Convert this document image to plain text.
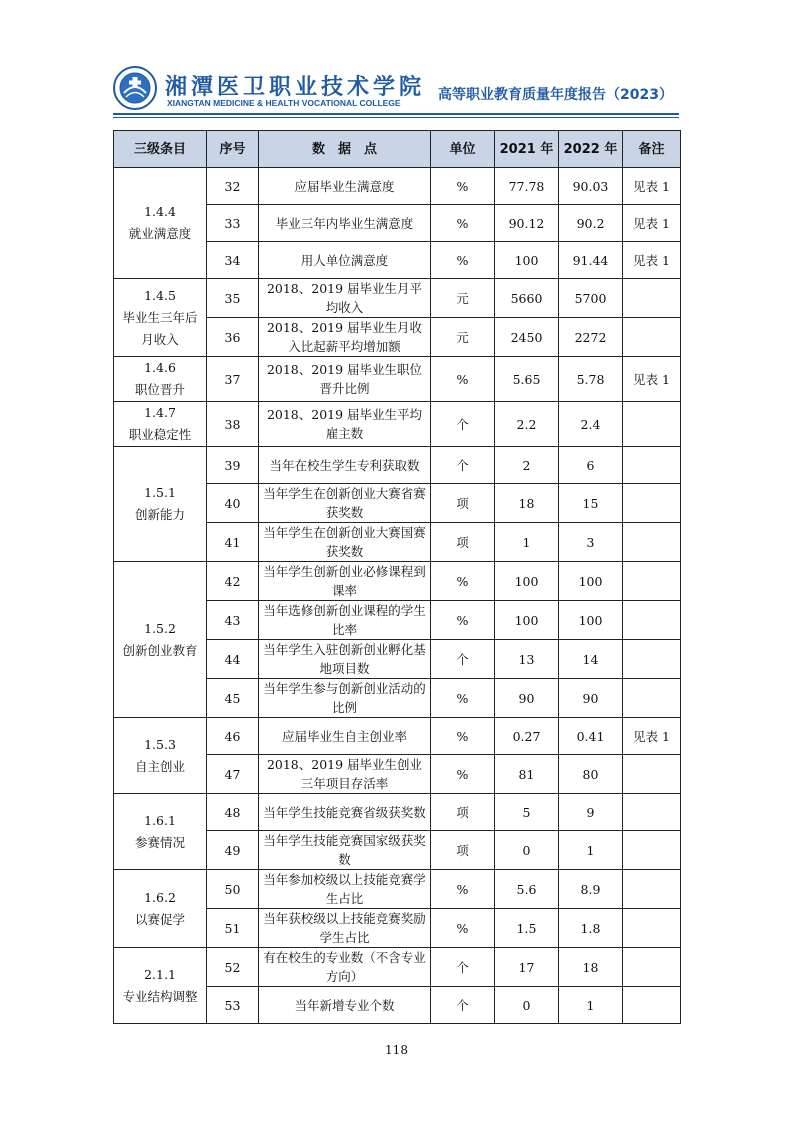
湘潭医卫职业技术学院
XIANGTAN MEDICINE & HEALTH VOCATIONAL COLLEGE	高等职业教育质量年度报告（2023）
三级条目	序号	数　据　点	单位	2021 年	2022 年	备注

1.4.4
就业满意度	32	应届毕业生满意度	%	77.78	90.03	见表 1
	33	毕业三年内毕业生满意度	%	90.12	90.2	见表 1
	34	用人单位满意度	%	100	91.44	见表 1

1.4.5
毕业生三年后月收入	35	2018、2019 届毕业生月平均收入	元	5660	5700	
	36	2018、2019 届毕业生月收入比起薪平均增加额	元	2450	2272	

1.4.6
职位晋升	37	2018、2019 届毕业生职位晋升比例	%	5.65	5.78	见表 1

1.4.7
职业稳定性	38	2018、2019 届毕业生平均雇主数	个	2.2	2.4	

1.5.1
创新能力	39	当年在校生学生专利获取数	个	2	6	
	40	当年学生在创新创业大赛省赛获奖数	项	18	15	
	41	当年学生在创新创业大赛国赛获奖数	项	1	3	

1.5.2
创新创业教育	42	当年学生创新创业必修课程到课率	%	100	100	
	43	当年选修创新创业课程的学生比率	%	100	100	
	44	当年学生入驻创新创业孵化基地项目数	个	13	14	
	45	当年学生参与创新创业活动的比例	%	90	90	

1.5.3
自主创业	46	应届毕业生自主创业率	%	0.27	0.41	见表 1
	47	2018、2019 届毕业生创业三年项目存活率	%	81	80	

1.6.1
参赛情况	48	当年学生技能竞赛省级获奖数	项	5	9	
	49	当年学生技能竞赛国家级获奖数	项	0	1	

1.6.2
以赛促学	50	当年参加校级以上技能竞赛学生占比	%	5.6	8.9	
	51	当年获校级以上技能竞赛奖励学生占比	%	1.5	1.8	

2.1.1
专业结构调整	52	有在校生的专业数（不含专业方向）	个	17	18	
	53	当年新增专业个数	个	0	1	
118
